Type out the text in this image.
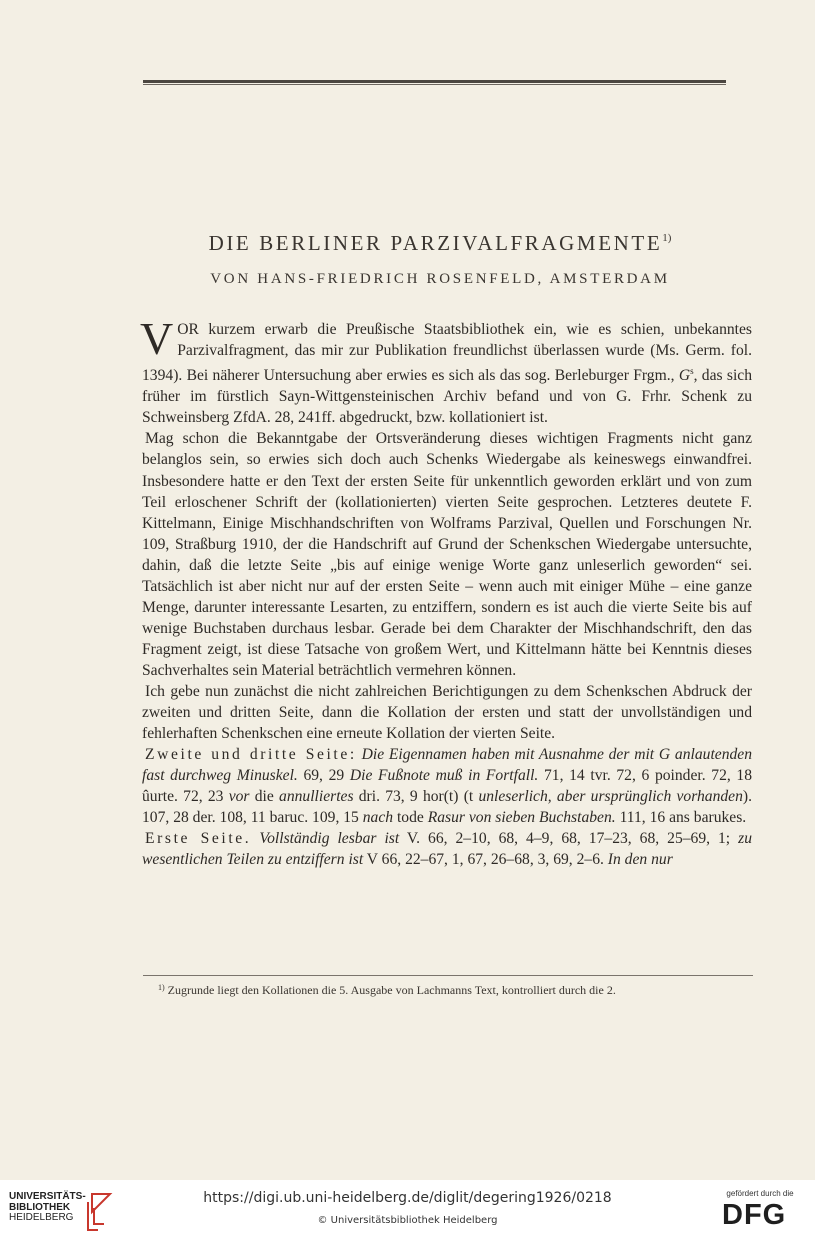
DIE BERLINER PARZIVALFRAGMENTE$^{1)}$
VON HANS-FRIEDRICH ROSENFELD, AMSTERDAM

VOR kurzem erwarb die Preußische Staatsbibliothek ein, wie es schien, unbekanntes Parzivalfragment, das mir zur Publikation freundlichst überlassen wurde (Ms. Germ. fol. 1394). Bei näherer Untersuchung aber erwies es sich als das sog. Berleburger Frgm., $G^s$, das sich früher im fürstlich Sayn-Wittgensteinischen Archiv befand und von G. Frhr. Schenk zu Schweinsberg ZfdA. 28, 241ff. abgedruckt, bzw. kollationiert ist.

Mag schon die Bekanntgabe der Ortsveränderung dieses wichtigen Fragments nicht ganz belanglos sein, so erwies sich doch auch Schenks Wiedergabe als keineswegs einwandfrei. Insbesondere hatte er den Text der ersten Seite für unkenntlich geworden erklärt und von zum Teil erloschener Schrift der (kollationierten) vierten Seite gesprochen. Letzteres deutete F. Kittelmann, Einige Mischhandschriften von Wolframs Parzival, Quellen und Forschungen Nr. 109, Straßburg 1910, der die Handschrift auf Grund der Schenkschen Wiedergabe untersuchte, dahin, daß die letzte Seite „bis auf einige wenige Worte ganz unleserlich geworden“ sei. Tatsächlich ist aber nicht nur auf der ersten Seite – wenn auch mit einiger Mühe – eine ganze Menge, darunter interessante Lesarten, zu entziffern, sondern es ist auch die vierte Seite bis auf wenige Buchstaben durchaus lesbar. Gerade bei dem Charakter der Mischhandschrift, den das Fragment zeigt, ist diese Tatsache von großem Wert, und Kittelmann hätte bei Kenntnis dieses Sachverhaltes sein Material beträchtlich vermehren können.

Ich gebe nun zunächst die nicht zahlreichen Berichtigungen zu dem Schenkschen Abdruck der zweiten und dritten Seite, dann die Kollation der ersten und statt der unvollständigen und fehlerhaften Schenkschen eine erneute Kollation der vierten Seite.

Zweite und dritte Seite: Die Eigennamen haben mit Ausnahme der mit G anlautenden fast durchweg Minuskel. 69, 29 Die Fußnote muß in Fortfall. 71, 14 tvr. 72, 6 poinder. 72, 18 ûurte. 72, 23 vor die annulliertes dri. 73, 9 hor(t) (t unleserlich, aber ursprünglich vorhanden). 107, 28 der. 108, 11 baruc. 109, 15 nach tode Rasur von sieben Buchstaben. 111, 16 ans barukes.

Erste Seite. Vollständig lesbar ist V. 66, 2–10, 68, 4–9, 68, 17–23, 68, 25–69, 1; zu wesentlichen Teilen zu entziffern ist V 66, 22–67, 1, 67, 26–68, 3, 69, 2–6. In den nur

$^{1)}$ Zugrunde liegt den Kollationen die 5. Ausgabe von Lachmanns Text, kontrolliert durch die 2.
UNIVERSITÄTS-
BIBLIOTHEK
HEIDELBERG
https://digi.ub.uni-heidelberg.de/diglit/degering1926/0218
© Universitätsbibliothek Heidelberg
gefördert durch die
DFG
